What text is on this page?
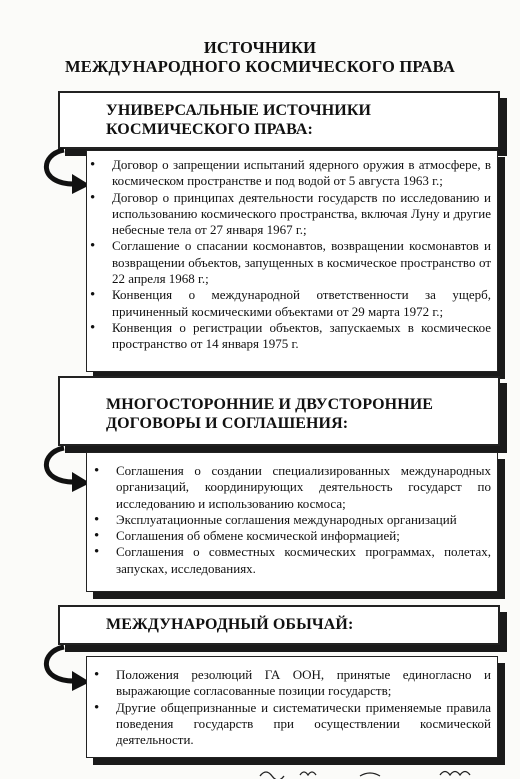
ИСТОЧНИКИ
МЕЖДУНАРОДНОГО КОСМИЧЕСКОГО ПРАВА
УНИВЕРСАЛЬНЫЕ ИСТОЧНИКИ
КОСМИЧЕСКОГО ПРАВА:
• Договор о запрещении испытаний ядерного оружия в атмосфере, в космическом пространстве и под водой от 5 августа 1963 г.;
• Договор о принципах деятельности государств по исследованию и использованию космического пространства, включая Луну и другие небесные тела от 27 января 1967 г.;
• Соглашение о спасании космонавтов, возвращении космонавтов и возвращении объектов, запущенных в космическое пространство от 22 апреля 1968 г.;
• Конвенция о международной ответственности за ущерб, причиненный космическими объектами от 29 марта 1972 г.;
• Конвенция о регистрации объектов, запускаемых в космическое пространство от 14 января 1975 г.
МНОГОСТОРОННИЕ И ДВУСТОРОННИЕ
ДОГОВОРЫ И СОГЛАШЕНИЯ:
• Соглашения о создании специализированных международных организаций, координирующих деятельность государст по исследованию и использованию космоса;
• Эксплуатационные соглашения международных организаций
• Соглашения об обмене космической информацией;
• Соглашения о совместных космических программах, полетах, запусках, исследованиях.
МЕЖДУНАРОДНЫЙ ОБЫЧАЙ:
• Положения резолюций ГА ООН, принятые единогласно и выражающие согласованные позиции государств;
• Другие общепризнанные и систематически применяемые правила поведения государств при осуществлении космической деятельности.
